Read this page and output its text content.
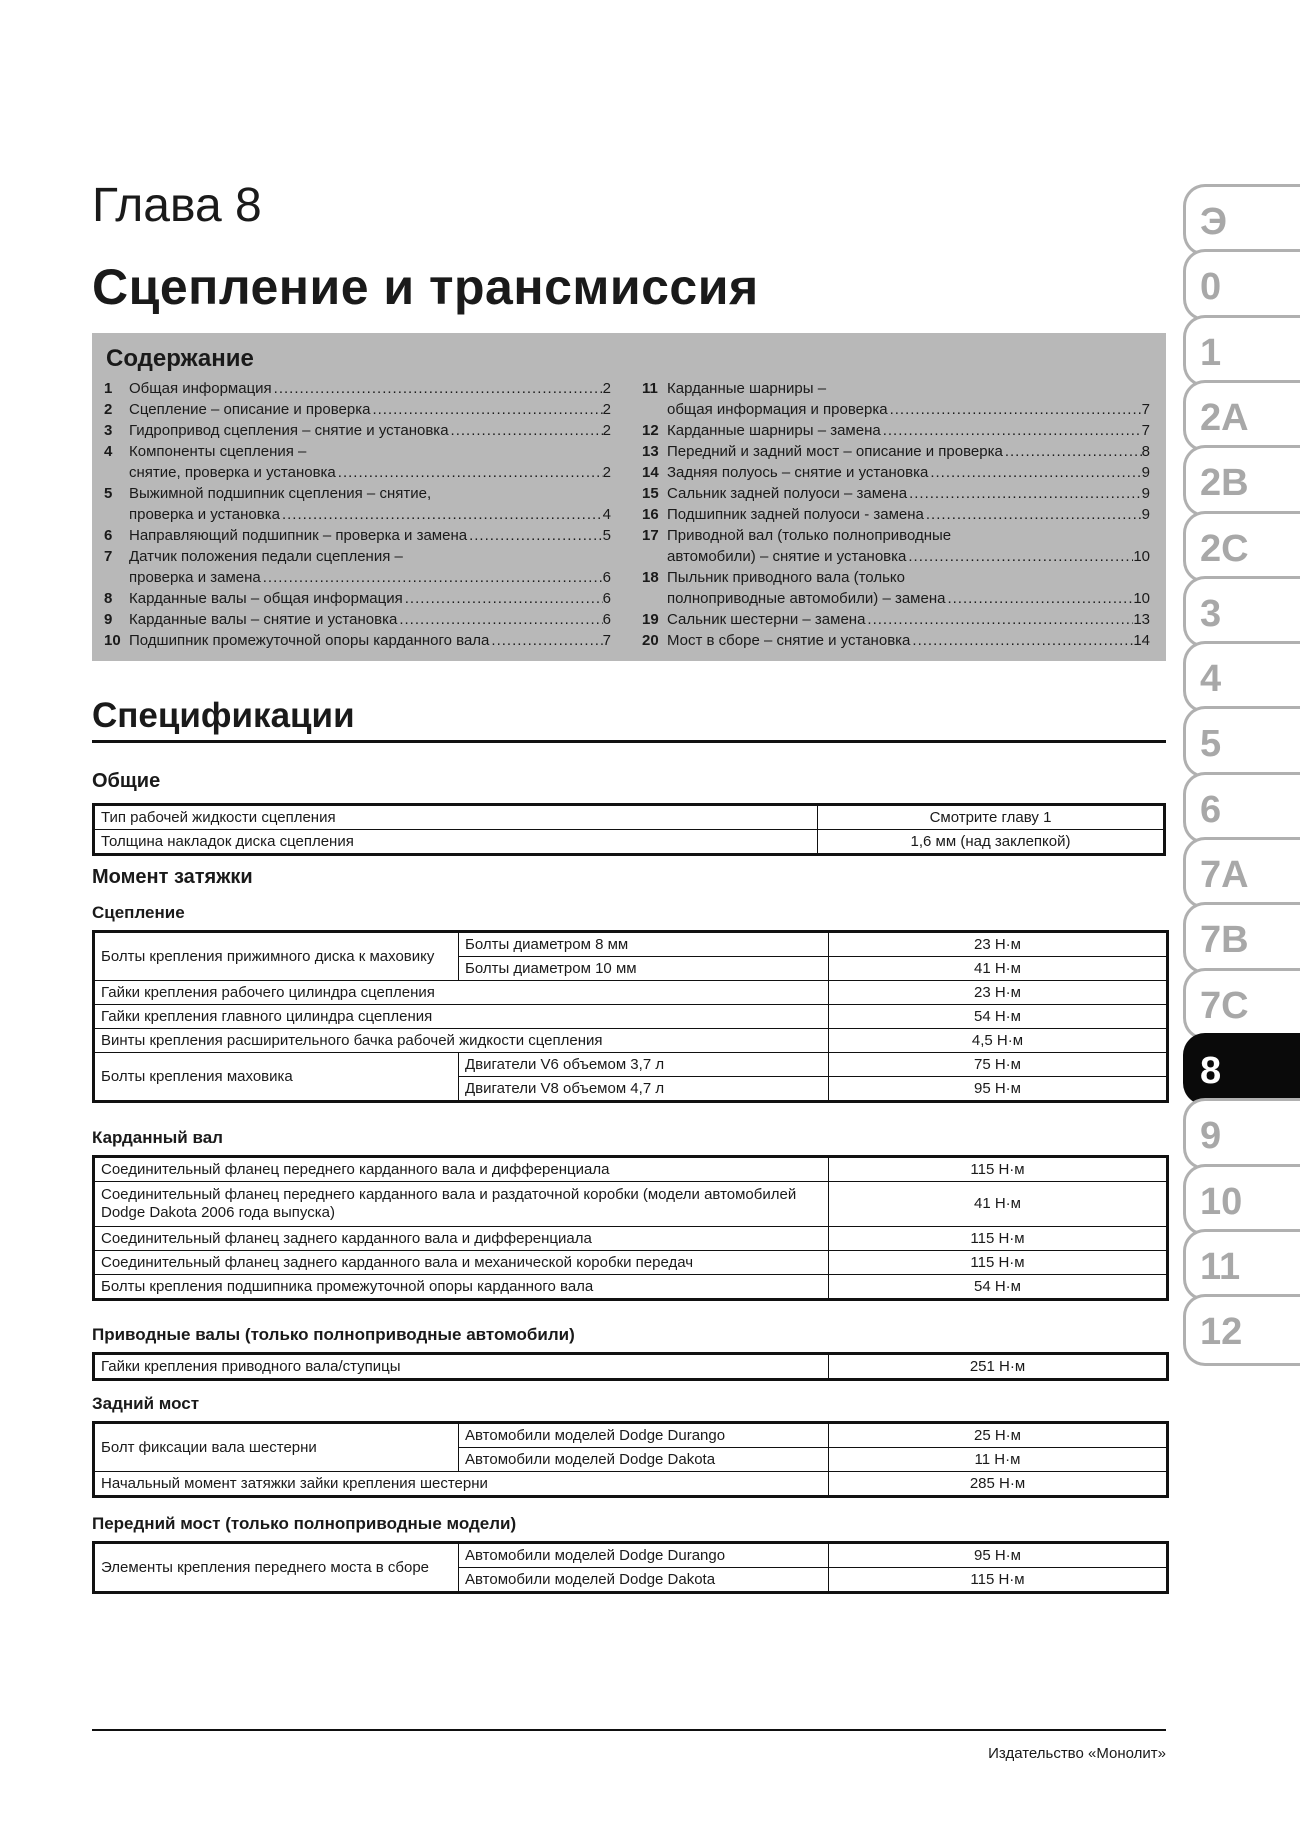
Глава 8
Сцепление и трансмиссия
Содержание
1	Общая информация .....	2
2	Сцепление – описание и проверка .....	2
3	Гидропривод сцепления – снятие и установка .....	2
4	Компоненты сцепления –
снятие, проверка и установка .....	2
5	Выжимной подшипник сцепления – снятие,
проверка и установка .....	4
6	Направляющий подшипник – проверка и замена .....	5
7	Датчик положения педали сцепления –
проверка и замена .....	6
8	Карданные валы – общая информация .....	6
9	Карданные валы – снятие и установка .....	6
10 Подшипник промежуточной опоры карданного вала .....	7
11 Карданные шарниры –
общая информация и проверка .....	7
12 Карданные шарниры – замена .....	7
13 Передний и задний мост – описание и проверка .....	8
14 Задняя полуось – снятие и установка .....	9
15 Сальник задней полуоси – замена .....	9
16 Подшипник задней полуоси - замена .....	9
17 Приводной вал (только полноприводные
автомобили) – снятие и установка .....	10
18 Пыльник приводного вала (только
полноприводные автомобили) – замена .....	10
19 Сальник шестерни – замена .....	13
20 Мост в сборе – снятие и установка .....	14
Спецификации
Общие
Тип рабочей жидкости сцепления	Смотрите главу 1
Толщина накладок диска сцепления	1,6 мм (над заклепкой)
Момент затяжки
Сцепление
Болты крепления прижимного диска к маховику	Болты диаметром 8 мм	23 Н·м
	Болты диаметром 10 мм	41 Н·м
Гайки крепления рабочего цилиндра сцепления		23 Н·м
Гайки крепления главного цилиндра сцепления		54 Н·м
Винты крепления расширительного бачка рабочей жидкости сцепления		4,5 Н·м
Болты крепления маховика	Двигатели V6 объемом 3,7 л	75 Н·м
	Двигатели V8 объемом 4,7 л	95 Н·м
Карданный вал
Соединительный фланец переднего карданного вала и дифференциала	115 Н·м
Соединительный фланец переднего карданного вала и раздаточной коробки (модели автомобилей Dodge Dakota 2006 года выпуска)	41 Н·м
Соединительный фланец заднего карданного вала и дифференциала	115 Н·м
Соединительный фланец заднего карданного вала и механической коробки передач	115 Н·м
Болты крепления подшипника промежуточной опоры карданного вала	54 Н·м
Приводные валы (только полноприводные автомобили)
Гайки крепления приводного вала/ступицы	251 Н·м
Задний мост
Болт фиксации вала шестерни	Автомобили моделей Dodge Durango	25 Н·м
	Автомобили моделей Dodge Dakota	11 Н·м
Начальный момент затяжки зайки крепления шестерни		285 Н·м
Передний мост (только полноприводные модели)
Элементы крепления переднего моста в сборе	Автомобили моделей Dodge Durango	95 Н·м
	Автомобили моделей Dodge Dakota	115 Н·м
Э
0
1
2A
2B
2C
3
4
5
6
7A
7B
7C
8
9
10
11
12
Издательство «Монолит»
